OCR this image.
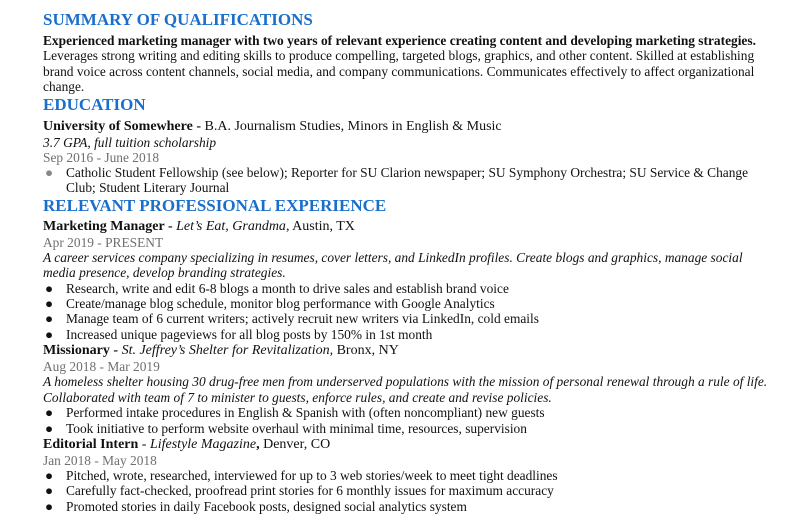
SUMMARY OF QUALIFICATIONS

Experienced marketing manager with two years of relevant experience creating content and developing marketing strategies. Leverages strong writing and editing skills to produce compelling, targeted blogs, graphics, and other content. Skilled at establishing brand voice across content channels, social media, and company communications. Communicates effectively to affect organizational change.

EDUCATION
University of Somewhere - B.A. Journalism Studies, Minors in English & Music
3.7 GPA, full tuition scholarship
Sep 2016 - June 2018
● Catholic Student Fellowship (see below); Reporter for SU Clarion newspaper; SU Symphony Orchestra; SU Service & Change Club; Student Literary Journal
RELEVANT PROFESSIONAL EXPERIENCE
Marketing Manager - Let’s Eat, Grandma, Austin, TX
Apr 2019 - PRESENT
A career services company specializing in resumes, cover letters, and LinkedIn profiles. Create blogs and graphics, manage social media presence, develop branding strategies.
● Research, write and edit 6-8 blogs a month to drive sales and establish brand voice
● Create/manage blog schedule, monitor blog performance with Google Analytics
● Manage team of 6 current writers; actively recruit new writers via LinkedIn, cold emails
● Increased unique pageviews for all blog posts by 150% in 1st month
Missionary - St. Jeffrey’s Shelter for Revitalization, Bronx, NY
Aug 2018 - Mar 2019
A homeless shelter housing 30 drug-free men from underserved populations with the mission of personal renewal through a rule of life. Collaborated with team of 7 to minister to guests, enforce rules, and create and revise policies.
● Performed intake procedures in English & Spanish with (often noncompliant) new guests
● Took initiative to perform website overhaul with minimal time, resources, supervision
Editorial Intern - Lifestyle Magazine, Denver, CO
Jan 2018 - May 2018
● Pitched, wrote, researched, interviewed for up to 3 web stories/week to meet tight deadlines
● Carefully fact-checked, proofread print stories for 6 monthly issues for maximum accuracy
● Promoted stories in daily Facebook posts, designed social analytics system
